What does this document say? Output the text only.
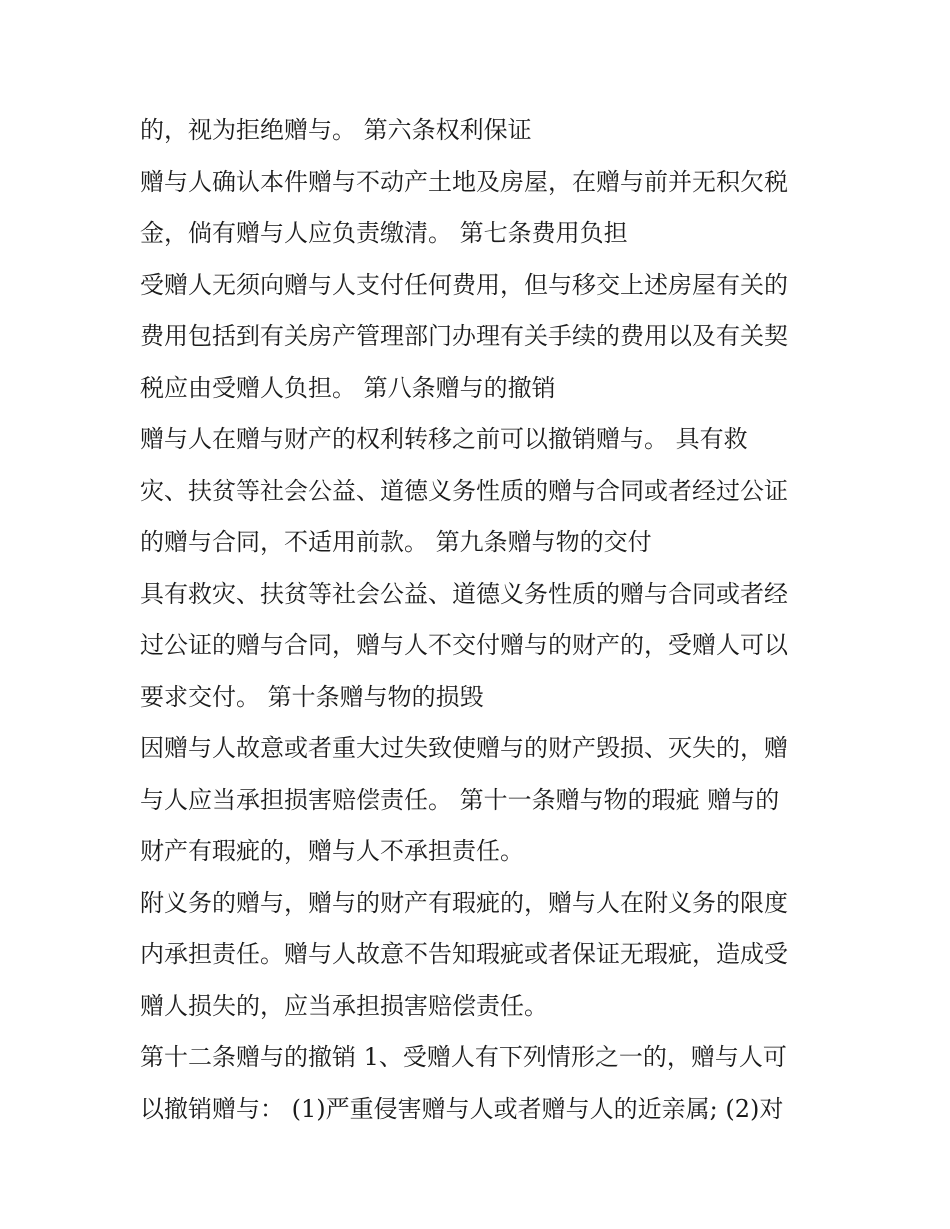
的，视为拒绝赠与。 第六条权利保证
赠与人确认本件赠与不动产土地及房屋，在赠与前并无积欠税
金，倘有赠与人应负责缴清。 第七条费用负担
受赠人无须向赠与人支付任何费用，但与移交上述房屋有关的
费用包括到有关房产管理部门办理有关手续的费用以及有关契
税应由受赠人负担。 第八条赠与的撤销
赠与人在赠与财产的权利转移之前可以撤销赠与。 具有救
灾、扶贫等社会公益、道德义务性质的赠与合同或者经过公证
的赠与合同，不适用前款。 第九条赠与物的交付
具有救灾、扶贫等社会公益、道德义务性质的赠与合同或者经
过公证的赠与合同，赠与人不交付赠与的财产的，受赠人可以
要求交付。 第十条赠与物的损毁
因赠与人故意或者重大过失致使赠与的财产毁损、灭失的，赠
与人应当承担损害赔偿责任。 第十一条赠与物的瑕疵 赠与的
财产有瑕疵的，赠与人不承担责任。
附义务的赠与，赠与的财产有瑕疵的，赠与人在附义务的限度
内承担责任。赠与人故意不告知瑕疵或者保证无瑕疵，造成受
赠人损失的，应当承担损害赔偿责任。
第十二条赠与的撤销 1、受赠人有下列情形之一的，赠与人可
以撤销赠与： (1)严重侵害赠与人或者赠与人的近亲属; (2)对
